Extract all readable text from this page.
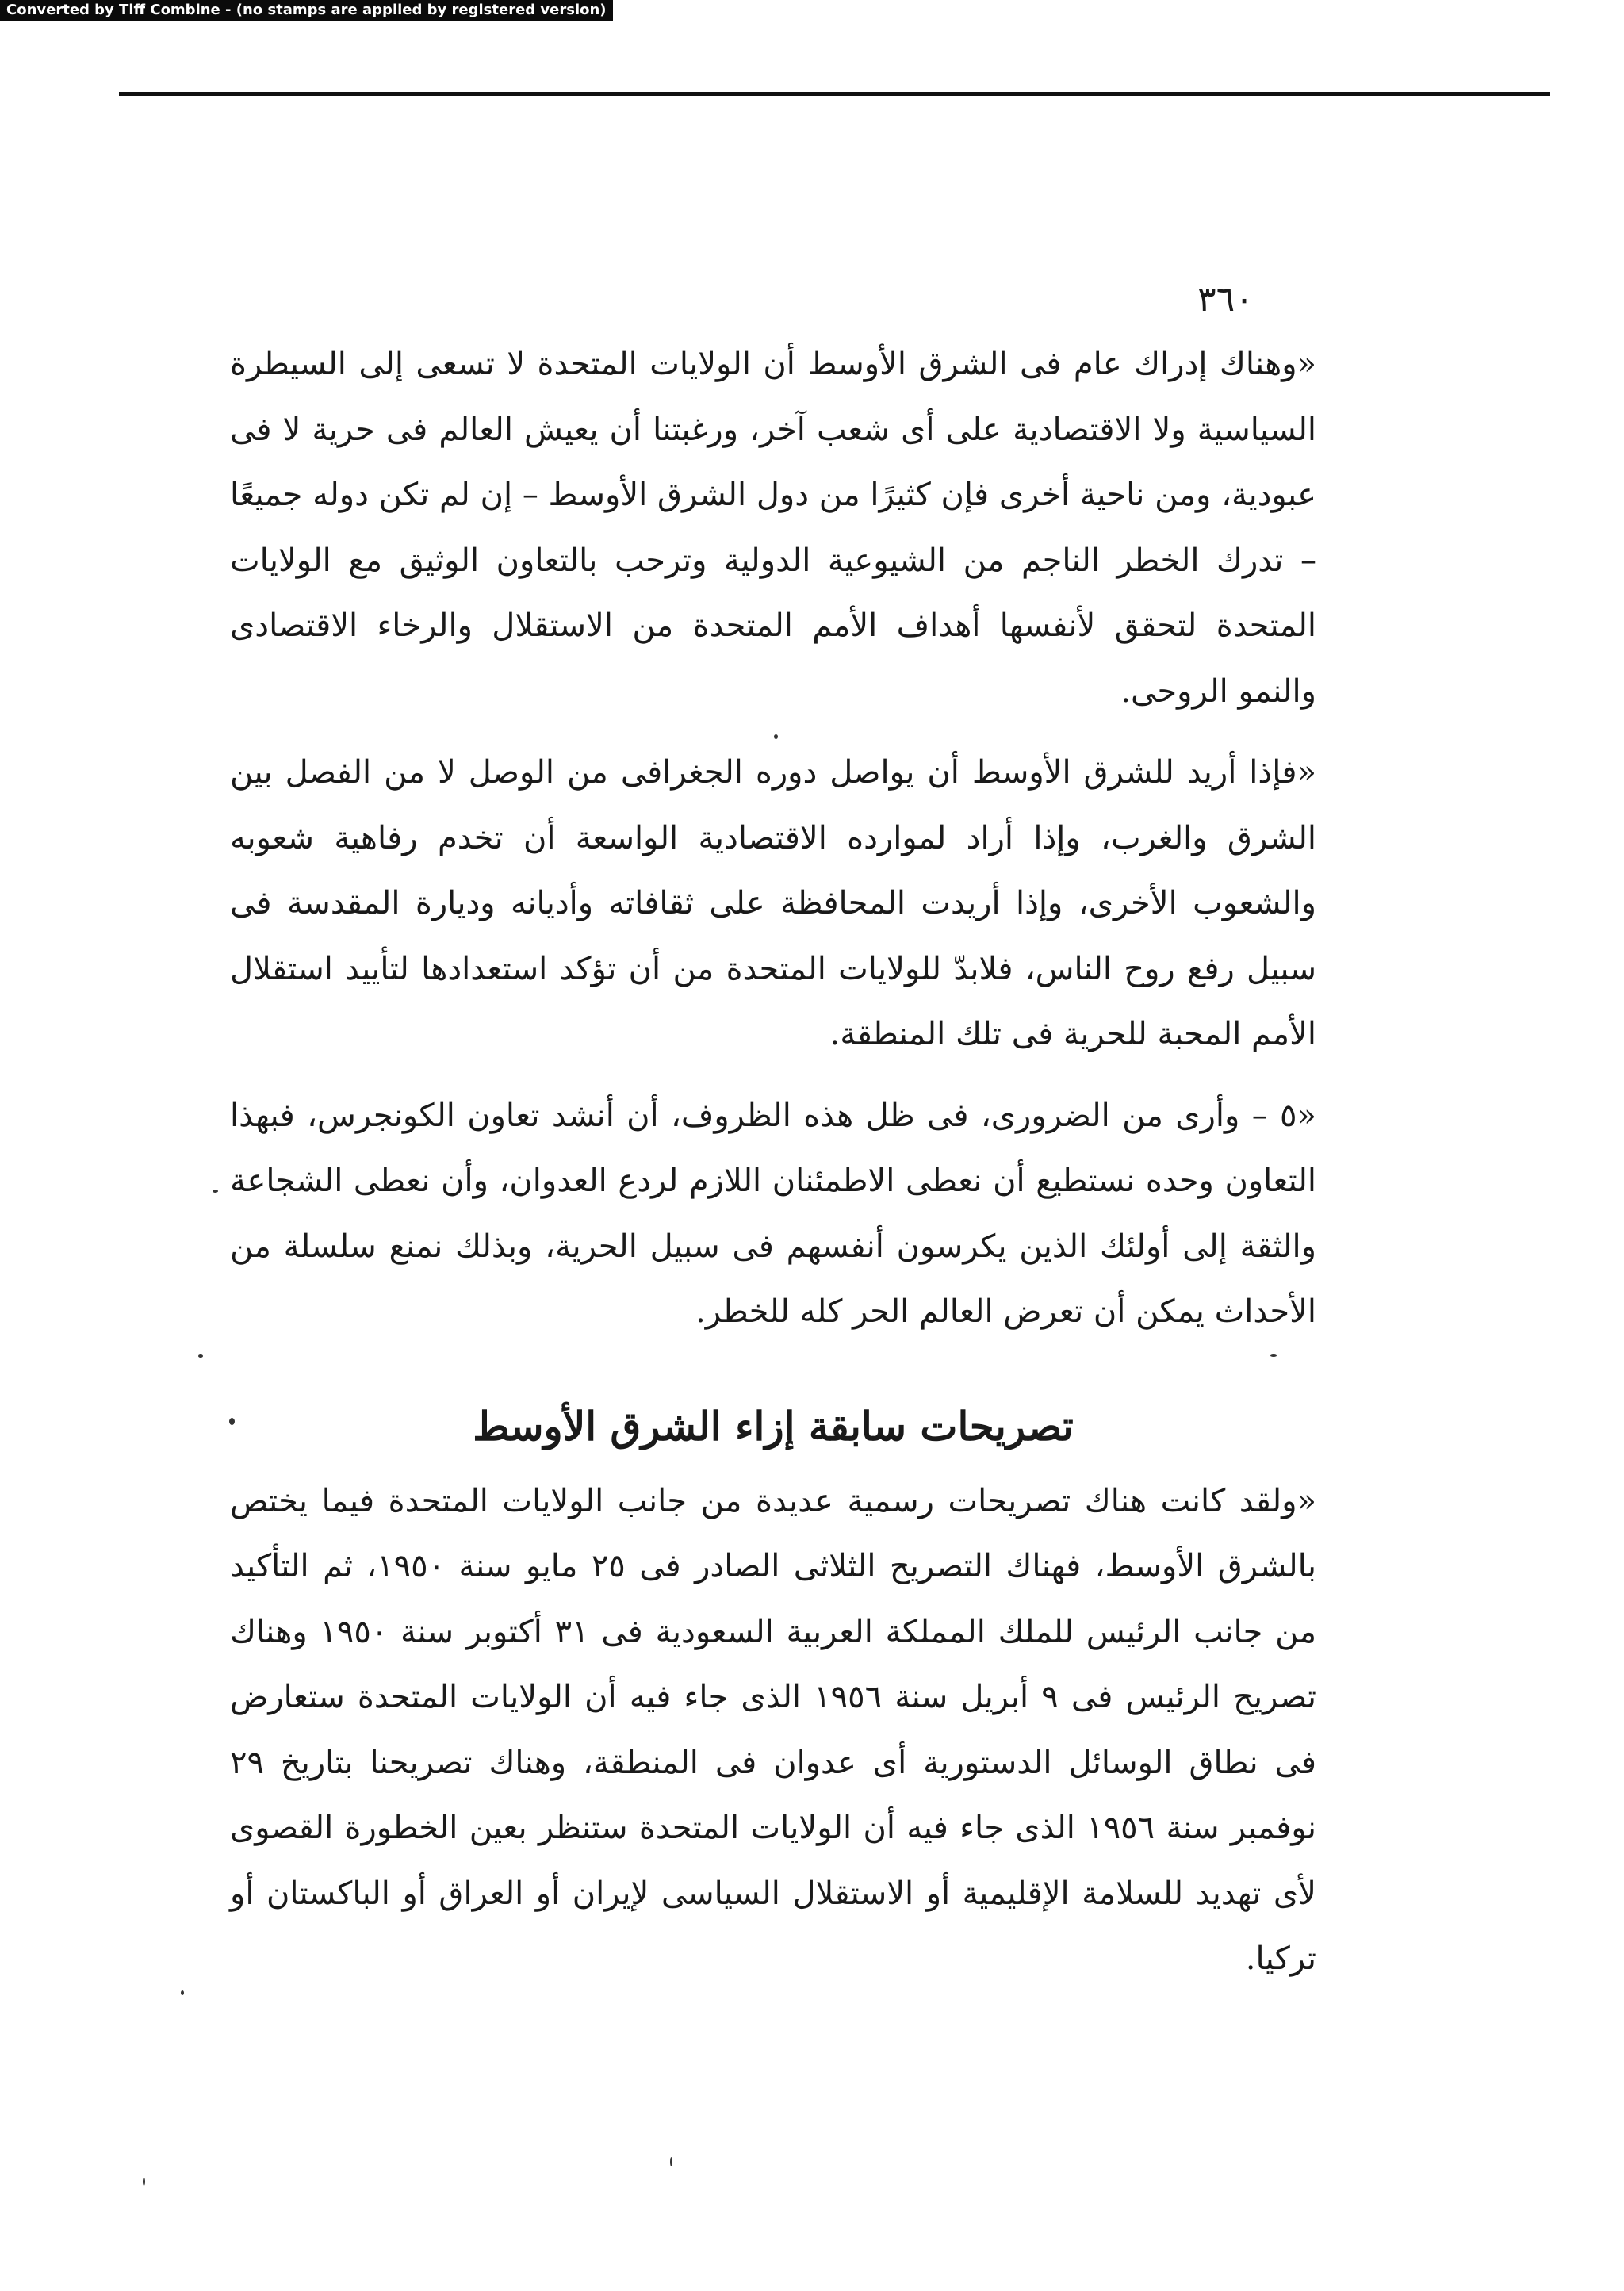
Converted by Tiff Combine - (no stamps are applied by registered version)
٣٦٠

«وهناك إدراك عام فى الشرق الأوسط أن الولايات المتحدة لا تسعى إلى السيطرة السياسية ولا الاقتصادية على أى شعب آخر، ورغبتنا أن يعيش العالم فى حرية لا فى عبودية، ومن ناحية أخرى فإن كثيرًا من دول الشرق الأوسط – إن لم تكن دوله جميعًا – تدرك الخطر الناجم من الشيوعية الدولية وترحب بالتعاون الوثيق مع الولايات المتحدة لتحقق لأنفسها أهداف الأمم المتحدة من الاستقلال والرخاء الاقتصادى والنمو الروحى.

«فإذا أريد للشرق الأوسط أن يواصل دوره الجغرافى من الوصل لا من الفصل بين الشرق والغرب، وإذا أراد لموارده الاقتصادية الواسعة أن تخدم رفاهية شعوبه والشعوب الأخرى، وإذا أريدت المحافظة على ثقافاته وأديانه وديارة المقدسة فى سبيل رفع روح الناس، فلابدّ للولايات المتحدة من أن تؤكد استعدادها لتأييد استقلال الأمم المحبة للحرية فى تلك المنطقة.

«٥ – وأرى من الضرورى، فى ظل هذه الظروف، أن أنشد تعاون الكونجرس، فبهذا التعاون وحده نستطيع أن نعطى الاطمئنان اللازم لردع العدوان، وأن نعطى الشجاعة والثقة إلى أولئك الذين يكرسون أنفسهم فى سبيل الحرية، وبذلك نمنع سلسلة من الأحداث يمكن أن تعرض العالم الحر كله للخطر.

تصريحات سابقة إزاء الشرق الأوسط

«ولقد كانت هناك تصريحات رسمية عديدة من جانب الولايات المتحدة فيما يختص بالشرق الأوسط، فهناك التصريح الثلاثى الصادر فى ٢٥ مايو سنة ١٩٥٠، ثم التأكيد من جانب الرئيس للملك المملكة العربية السعودية فى ٣١ أكتوبر سنة ١٩٥٠ وهناك تصريح الرئيس فى ٩ أبريل سنة ١٩٥٦ الذى جاء فيه أن الولايات المتحدة ستعارض فى نطاق الوسائل الدستورية أى عدوان فى المنطقة، وهناك تصريحنا بتاريخ ٢٩ نوفمبر سنة ١٩٥٦ الذى جاء فيه أن الولايات المتحدة ستنظر بعين الخطورة القصوى لأى تهديد للسلامة الإقليمية أو الاستقلال السياسى لإيران أو العراق أو الباكستان أو تركيا.
